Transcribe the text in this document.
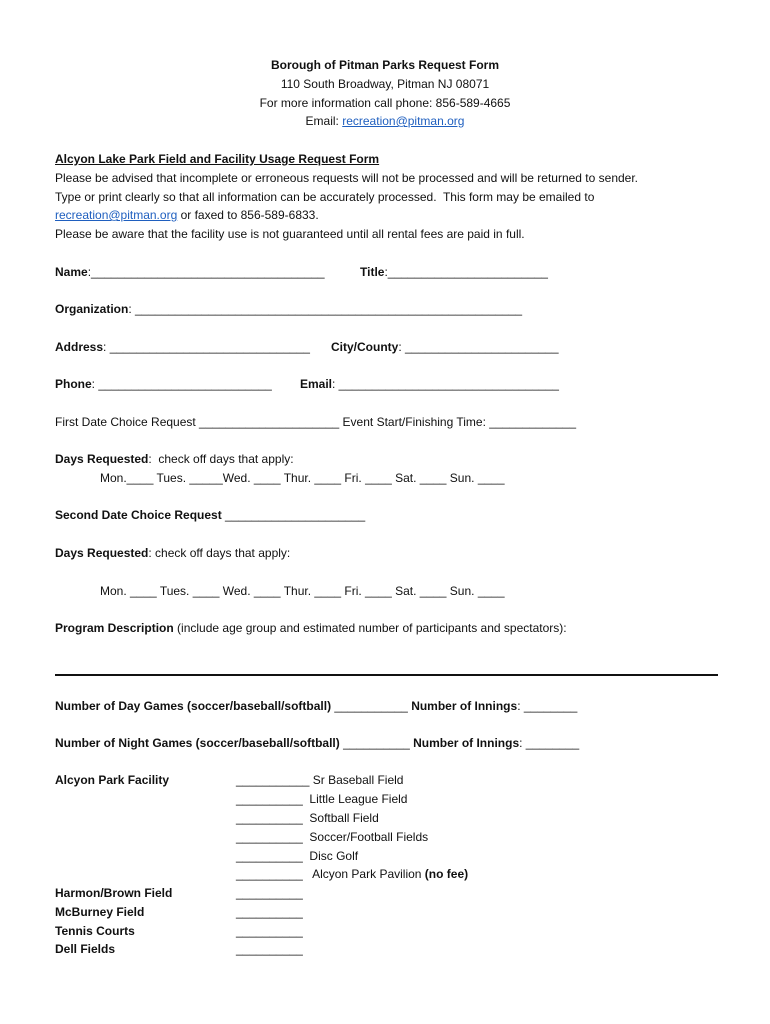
Borough of Pitman Parks Request Form
110 South Broadway, Pitman NJ 08071
For more information call phone: 856-589-4665
Email: recreation@pitman.org
Alcyon Lake Park Field and Facility Usage Request Form
Please be advised that incomplete or erroneous requests will not be processed and will be returned to sender.
Type or print clearly so that all information can be accurately processed.  This form may be emailed to
recreation@pitman.org or faxed to 856-589-6833.
Please be aware that the facility use is not guaranteed until all rental fees are paid in full.
Name:___________________________________	Title:________________________
Organization: __________________________________________________________
Address: ______________________________ City/County: _______________________
Phone: __________________________ Email: _________________________________
First Date Choice Request _____________________ Event Start/Finishing Time: _____________
Days Requested:  check off days that apply:
Mon.____ Tues. _____Wed. ____ Thur. ____ Fri. ____ Sat. ____ Sun. ____
Second Date Choice Request _____________________
Days Requested: check off days that apply:
Mon. ____ Tues. ____ Wed. ____ Thur. ____ Fri. ____ Sat. ____ Sun. ____
Program Description (include age group and estimated number of participants and spectators):
Number of Day Games (soccer/baseball/softball) ___________ Number of Innings: ________
Number of Night Games (soccer/baseball/softball) __________ Number of Innings: ________
Alcyon Park Facility	___________ Sr Baseball Field
__________  Little League Field
__________  Softball Field
__________  Soccer/Football Fields
__________  Disc Golf
__________   Alcyon Park Pavilion (no fee)
Harmon/Brown Field	__________
McBurney Field	__________
Tennis Courts	__________
Dell Fields	__________
